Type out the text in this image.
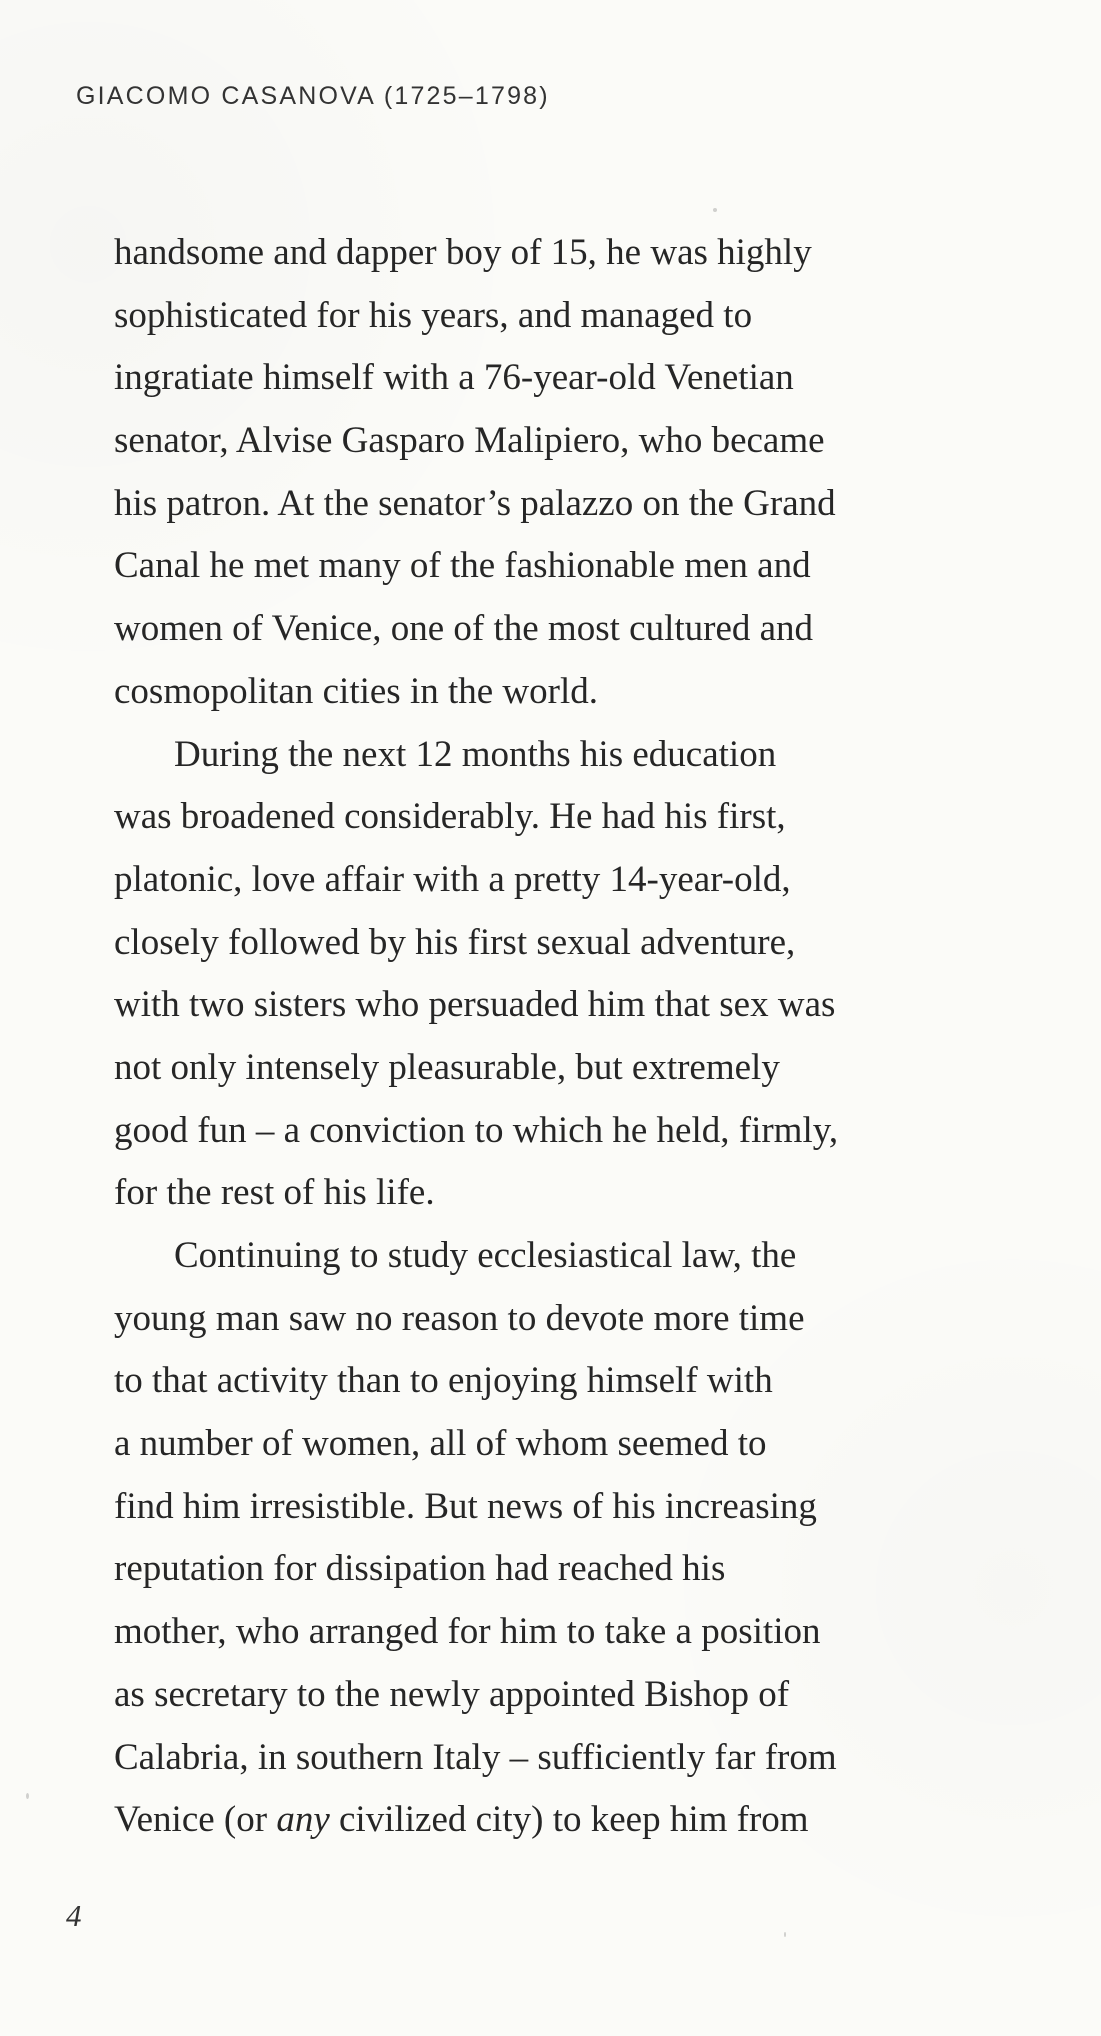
GIACOMO CASANOVA (1725–1798)
handsome and dapper boy of 15, he was highly
sophisticated for his years, and managed to
ingratiate himself with a 76-year-old Venetian
senator, Alvise Gasparo Malipiero, who became
his patron. At the senator’s palazzo on the Grand
Canal he met many of the fashionable men and
women of Venice, one of the most cultured and
cosmopolitan cities in the world.
During the next 12 months his education
was broadened considerably. He had his first,
platonic, love affair with a pretty 14-year-old,
closely followed by his first sexual adventure,
with two sisters who persuaded him that sex was
not only intensely pleasurable, but extremely
good fun – a conviction to which he held, firmly,
for the rest of his life.
Continuing to study ecclesiastical law, the
young man saw no reason to devote more time
to that activity than to enjoying himself with
a number of women, all of whom seemed to
find him irresistible. But news of his increasing
reputation for dissipation had reached his
mother, who arranged for him to take a position
as secretary to the newly appointed Bishop of
Calabria, in southern Italy – sufficiently far from
Venice (or any civilized city) to keep him from
4
